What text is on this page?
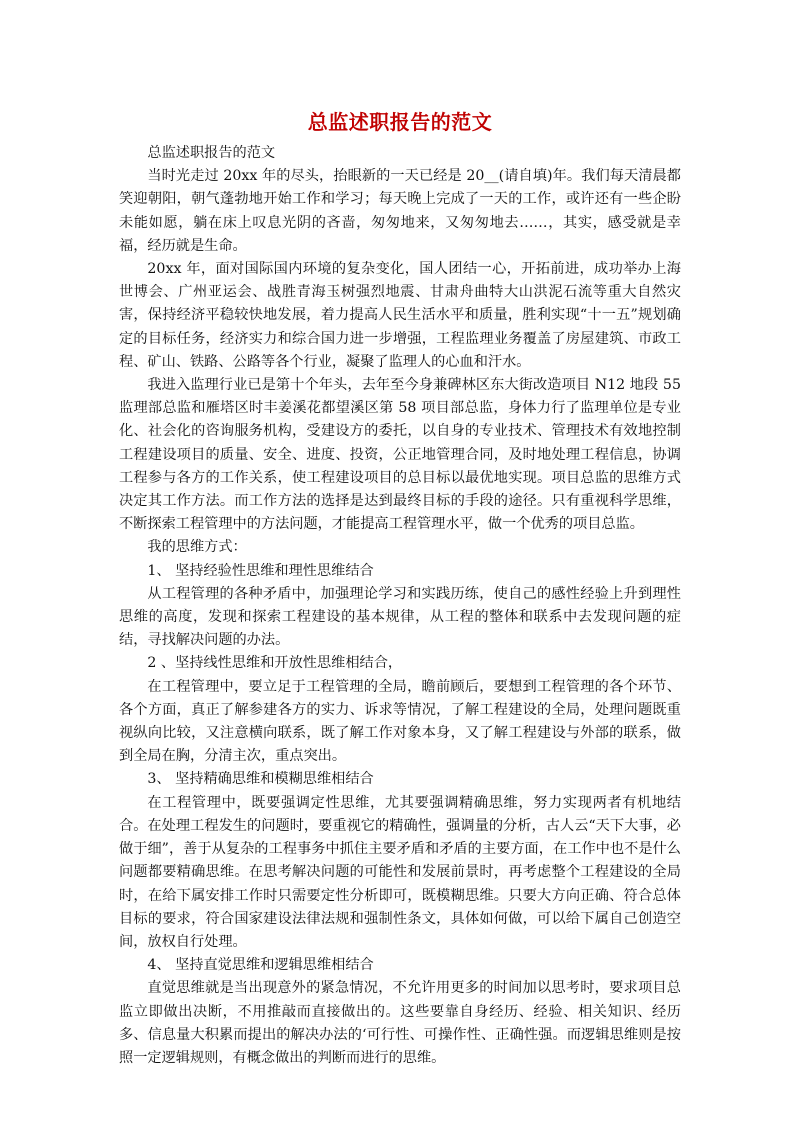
总监述职报告的范文

总监述职报告的范文

当时光走过 20xx 年的尽头，抬眼新的一天已经是 20__(请自填)年。我们每天清晨都笑迎朝阳，朝气蓬勃地开始工作和学习；每天晚上完成了一天的工作，或许还有一些企盼未能如愿，躺在床上叹息光阴的吝啬，匆匆地来，又匆匆地去……，其实，感受就是幸福，经历就是生命。

20xx 年，面对国际国内环境的复杂变化，国人团结一心，开拓前进，成功举办上海世博会、广州亚运会、战胜青海玉树强烈地震、甘肃舟曲特大山洪泥石流等重大自然灾害，保持经济平稳较快地发展，着力提高人民生活水平和质量，胜利实现“十一五”规划确定的目标任务，经济实力和综合国力进一步增强，工程监理业务覆盖了房屋建筑、市政工程、矿山、铁路、公路等各个行业，凝聚了监理人的心血和汗水。

我进入监理行业已是第十个年头，去年至今身兼碑林区东大街改造项目 N12 地段 55 监理部总监和雁塔区时丰姜溪花都望溪区第 58 项目部总监，身体力行了监理单位是专业化、社会化的咨询服务机构，受建设方的委托，以自身的专业技术、管理技术有效地控制工程建设项目的质量、安全、进度、投资，公正地管理合同，及时地处理工程信息，协调工程参与各方的工作关系，使工程建设项目的总目标以最优地实现。项目总监的思维方式决定其工作方法。而工作方法的选择是达到最终目标的手段的途径。只有重视科学思维，不断探索工程管理中的方法问题，才能提高工程管理水平，做一个优秀的项目总监。

我的思维方式：

1、 坚持经验性思维和理性思维结合

从工程管理的各种矛盾中，加强理论学习和实践历练，使自己的感性经验上升到理性思维的高度，发现和探索工程建设的基本规律，从工程的整体和联系中去发现问题的症结，寻找解决问题的办法。

2 、坚持线性思维和开放性思维相结合，

在工程管理中，要立足于工程管理的全局，瞻前顾后，要想到工程管理的各个环节、各个方面，真正了解参建各方的实力、诉求等情况，了解工程建设的全局，处理问题既重视纵向比较，又注意横向联系，既了解工作对象本身，又了解工程建设与外部的联系，做到全局在胸，分清主次，重点突出。

3、 坚持精确思维和模糊思维相结合

在工程管理中，既要强调定性思维，尤其要强调精确思维，努力实现两者有机地结合。在处理工程发生的问题时，要重视它的精确性，强调量的分析，古人云“天下大事，必做于细”，善于从复杂的工程事务中抓住主要矛盾和矛盾的主要方面，在工作中也不是什么问题都要精确思维。在思考解决问题的可能性和发展前景时，再考虑整个工程建设的全局时，在给下属安排工作时只需要定性分析即可，既模糊思维。只要大方向正确、符合总体目标的要求，符合国家建设法律法规和强制性条文，具体如何做，可以给下属自己创造空间，放权自行处理。

4、 坚持直觉思维和逻辑思维相结合

直觉思维就是当出现意外的紧急情况，不允许用更多的时间加以思考时，要求项目总监立即做出决断，不用推敲而直接做出的。这些要靠自身经历、经验、相关知识、经历多、信息量大积累而提出的解决办法的‘可行性、可操作性、正确性强。而逻辑思维则是按照一定逻辑规则，有概念做出的判断而进行的思维。
